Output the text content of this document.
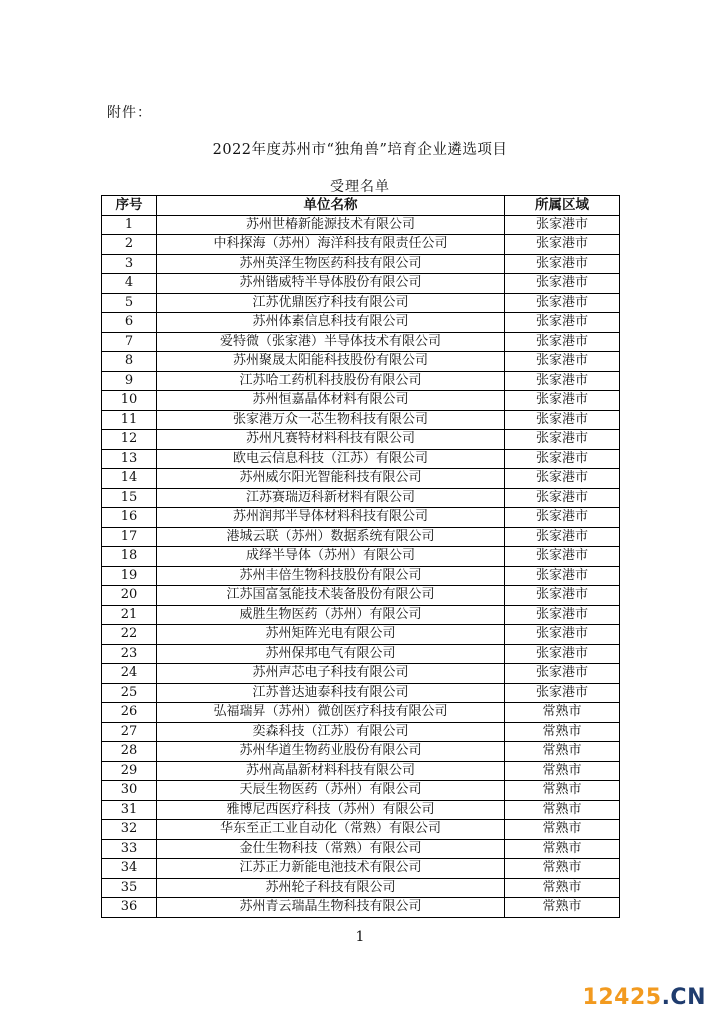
附件：
2022年度苏州市“独角兽”培育企业遴选项目
受理名单
序号	单位名称	所属区域
1	苏州世椿新能源技术有限公司	张家港市
2	中科探海（苏州）海洋科技有限责任公司	张家港市
3	苏州英泽生物医药科技有限公司	张家港市
4	苏州锴威特半导体股份有限公司	张家港市
5	江苏优鼎医疗科技有限公司	张家港市
6	苏州体素信息科技有限公司	张家港市
7	爱特微（张家港）半导体技术有限公司	张家港市
8	苏州聚晟太阳能科技股份有限公司	张家港市
9	江苏哈工药机科技股份有限公司	张家港市
10	苏州恒嘉晶体材料有限公司	张家港市
11	张家港万众一芯生物科技有限公司	张家港市
12	苏州凡赛特材料科技有限公司	张家港市
13	欧电云信息科技（江苏）有限公司	张家港市
14	苏州威尔阳光智能科技有限公司	张家港市
15	江苏赛瑞迈科新材料有限公司	张家港市
16	苏州润邦半导体材料科技有限公司	张家港市
17	港城云联（苏州）数据系统有限公司	张家港市
18	成绎半导体（苏州）有限公司	张家港市
19	苏州丰倍生物科技股份有限公司	张家港市
20	江苏国富氢能技术装备股份有限公司	张家港市
21	威胜生物医药（苏州）有限公司	张家港市
22	苏州矩阵光电有限公司	张家港市
23	苏州保邦电气有限公司	张家港市
24	苏州声芯电子科技有限公司	张家港市
25	江苏普达迪泰科技有限公司	张家港市
26	弘福瑞昇（苏州）微创医疗科技有限公司	常熟市
27	奕森科技（江苏）有限公司	常熟市
28	苏州华道生物药业股份有限公司	常熟市
29	苏州高晶新材料科技有限公司	常熟市
30	天辰生物医药（苏州）有限公司	常熟市
31	雅博尼西医疗科技（苏州）有限公司	常熟市
32	华东至正工业自动化（常熟）有限公司	常熟市
33	金仕生物科技（常熟）有限公司	常熟市
34	江苏正力新能电池技术有限公司	常熟市
35	苏州轮子科技有限公司	常熟市
36	苏州青云瑞晶生物科技有限公司	常熟市
1
12425.CN
